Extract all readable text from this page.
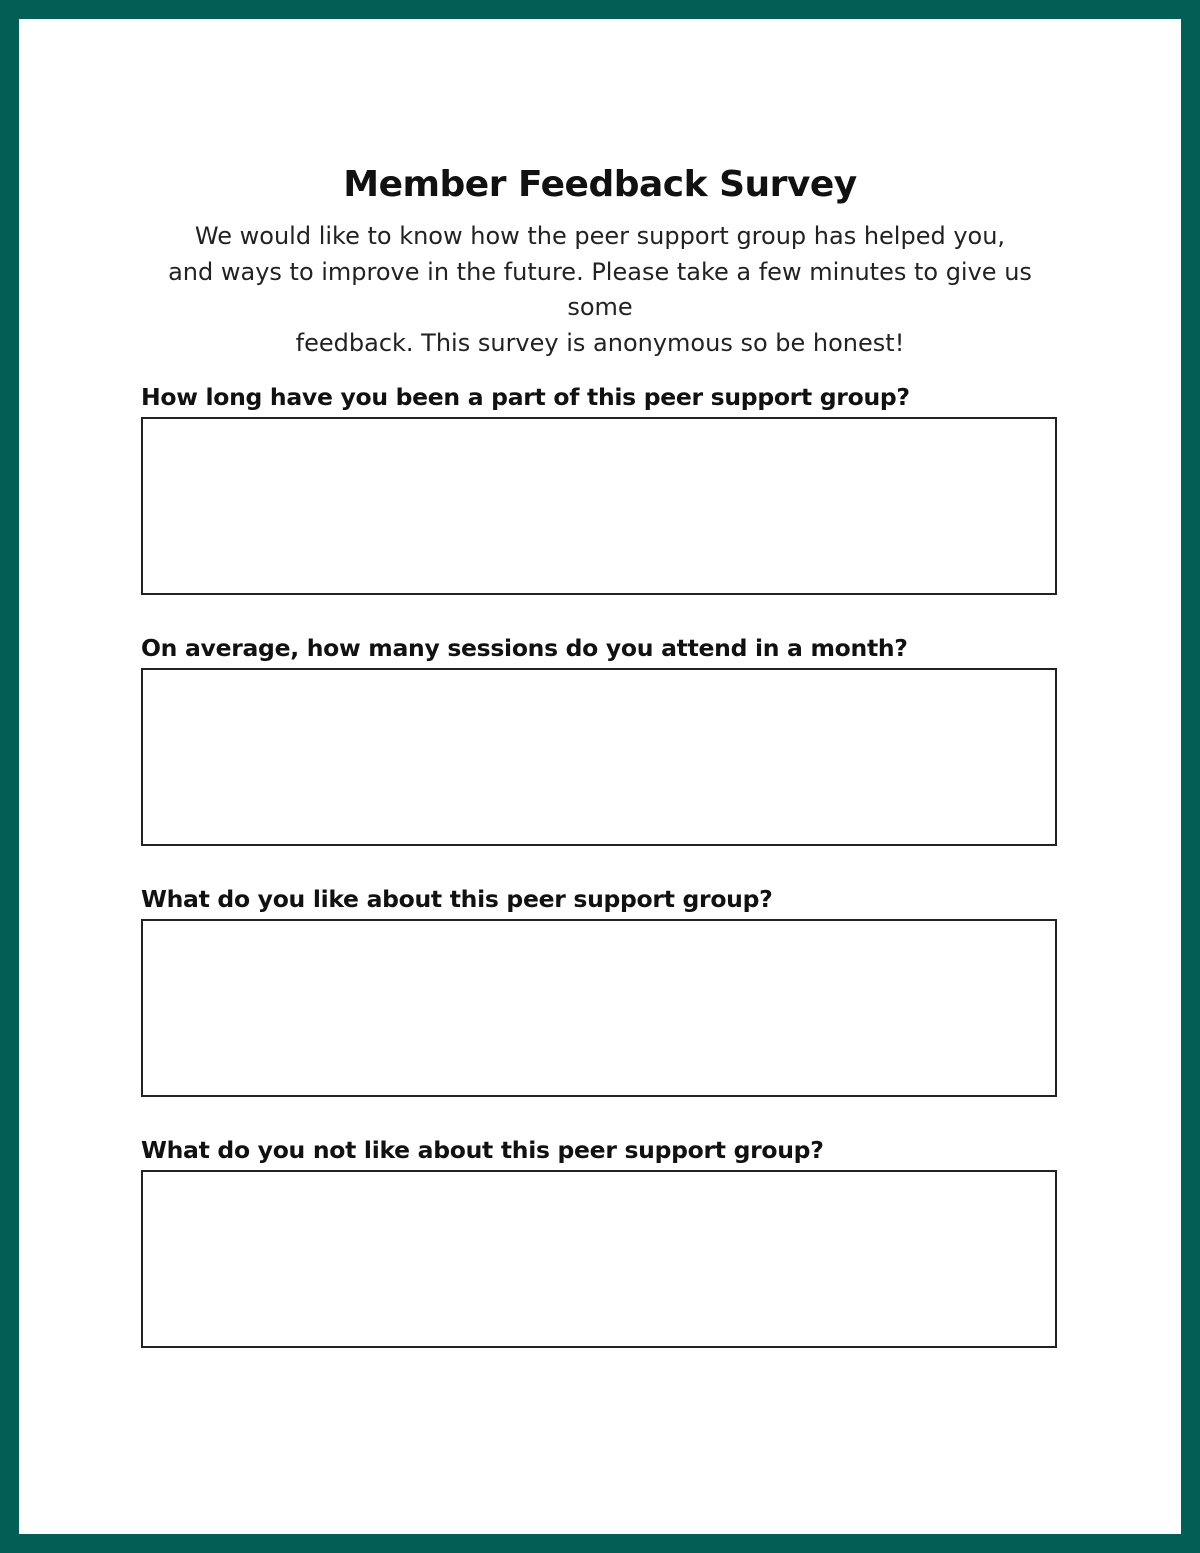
Member Feedback Survey
We would like to know how the peer support group has helped you,
and ways to improve in the future. Please take a few minutes to give us some
feedback. This survey is anonymous so be honest!
How long have you been a part of this peer support group?
On average, how many sessions do you attend in a month?
What do you like about this peer support group?
What do you not like about this peer support group?
